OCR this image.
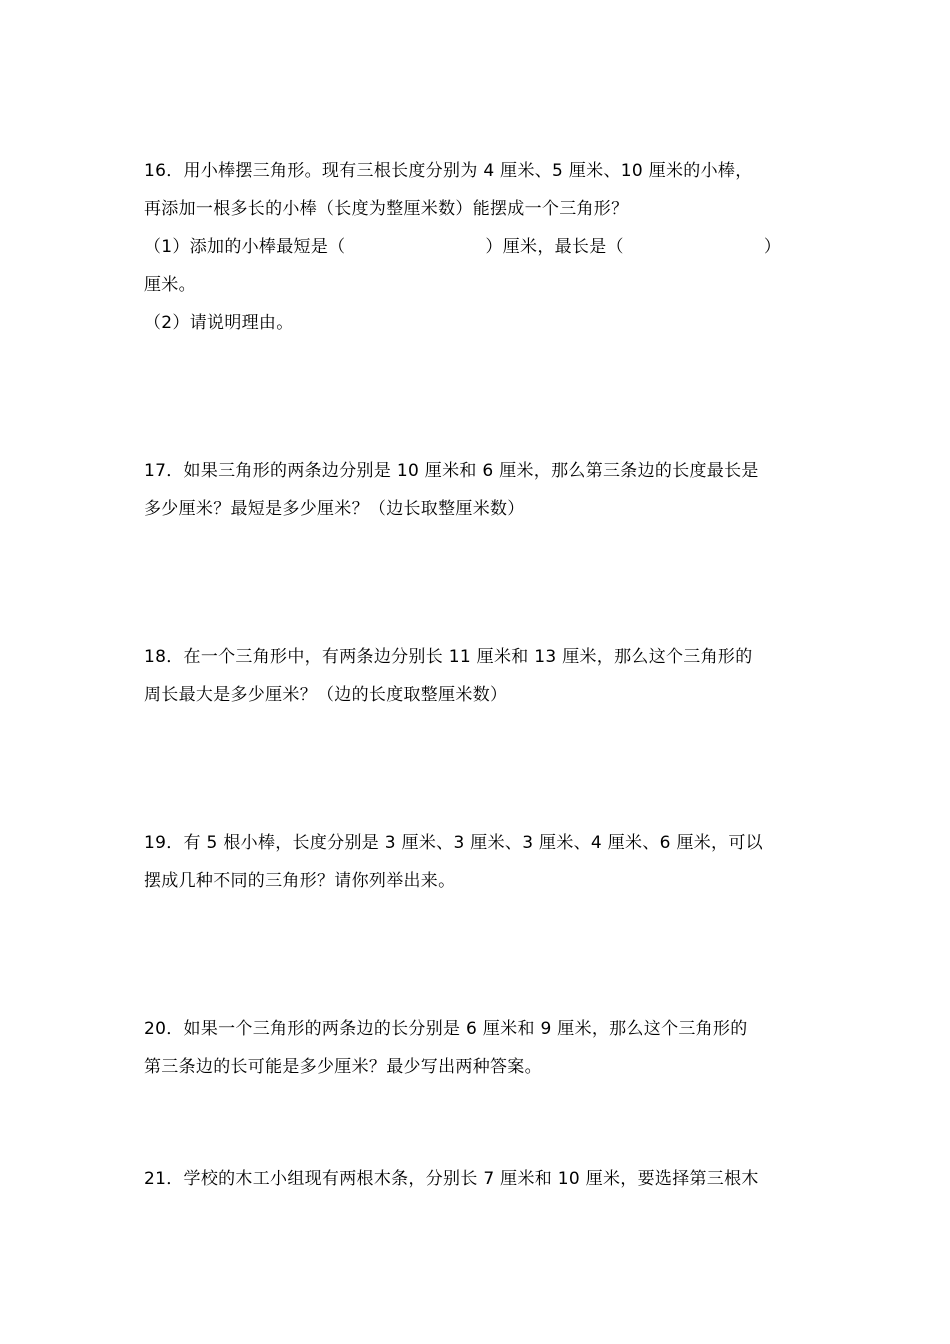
16．用小棒摆三角形。现有三根长度分别为 4 厘米、5 厘米、10 厘米的小棒，
再添加一根多长的小棒（长度为整厘米数）能摆成一个三角形？
（1）添加的小棒最短是（	）厘米，最长是（	）
厘米。
（2）请说明理由。
17．如果三角形的两条边分别是 10 厘米和 6 厘米，那么第三条边的长度最长是
多少厘米？最短是多少厘米？（边长取整厘米数）
18．在一个三角形中，有两条边分别长 11 厘米和 13 厘米，那么这个三角形的
周长最大是多少厘米？（边的长度取整厘米数）
19．有 5 根小棒，长度分别是 3 厘米、3 厘米、3 厘米、4 厘米、6 厘米，可以
摆成几种不同的三角形？请你列举出来。
20．如果一个三角形的两条边的长分别是 6 厘米和 9 厘米，那么这个三角形的
第三条边的长可能是多少厘米？最少写出两种答案。
21．学校的木工小组现有两根木条，分别长 7 厘米和 10 厘米，要选择第三根木
